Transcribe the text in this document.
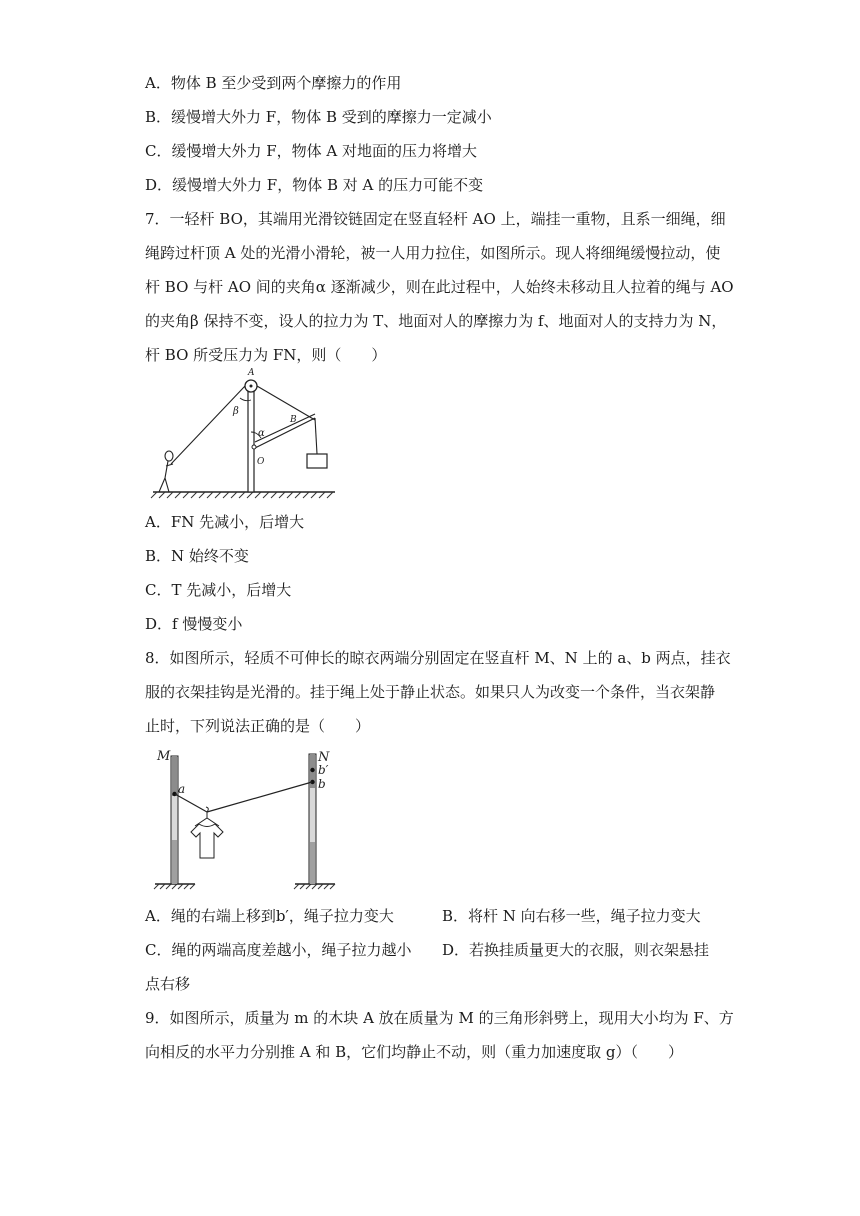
A．物体 B 至少受到两个摩擦力的作用
B．缓慢增大外力 F，物体 B 受到的摩擦力一定减小
C．缓慢增大外力 F，物体 A 对地面的压力将增大
D．缓慢增大外力 F，物体 B 对 A 的压力可能不变
7．一轻杆 BO，其端用光滑铰链固定在竖直轻杆 AO 上，端挂一重物，且系一细绳，细
绳跨过杆顶 A 处的光滑小滑轮，被一人用力拉住，如图所示。现人将细绳缓慢拉动，使
杆 BO 与杆 AO 间的夹角α 逐渐减少，则在此过程中，人始终未移动且人拉着的绳与 AO
的夹角β 保持不变，设人的拉力为 T、地面对人的摩擦力为 f、地面对人的支持力为 N，
杆 BO 所受压力为 FN，则（　　）
A
B
O
α
β
A．FN 先减小，后增大
B．N 始终不变
C．T 先减小，后增大
D．f 慢慢变小
8．如图所示，轻质不可伸长的晾衣两端分别固定在竖直杆 M、N 上的 a、b 两点，挂衣
服的衣架挂钩是光滑的。挂于绳上处于静止状态。如果只人为改变一个条件，当衣架静
止时，下列说法正确的是（　　）
M	N
a
b′
b
A．绳的右端上移到b′，绳子拉力变大	B．将杆 N 向右移一些，绳子拉力变大
C．绳的两端高度差越小，绳子拉力越小 D．若换挂质量更大的衣服，则衣架悬挂
点右移
9．如图所示，质量为 m 的木块 A 放在质量为 M 的三角形斜劈上，现用大小均为 F、方
向相反的水平力分别推 A 和 B，它们均静止不动，则（重力加速度取 g）（　　）
